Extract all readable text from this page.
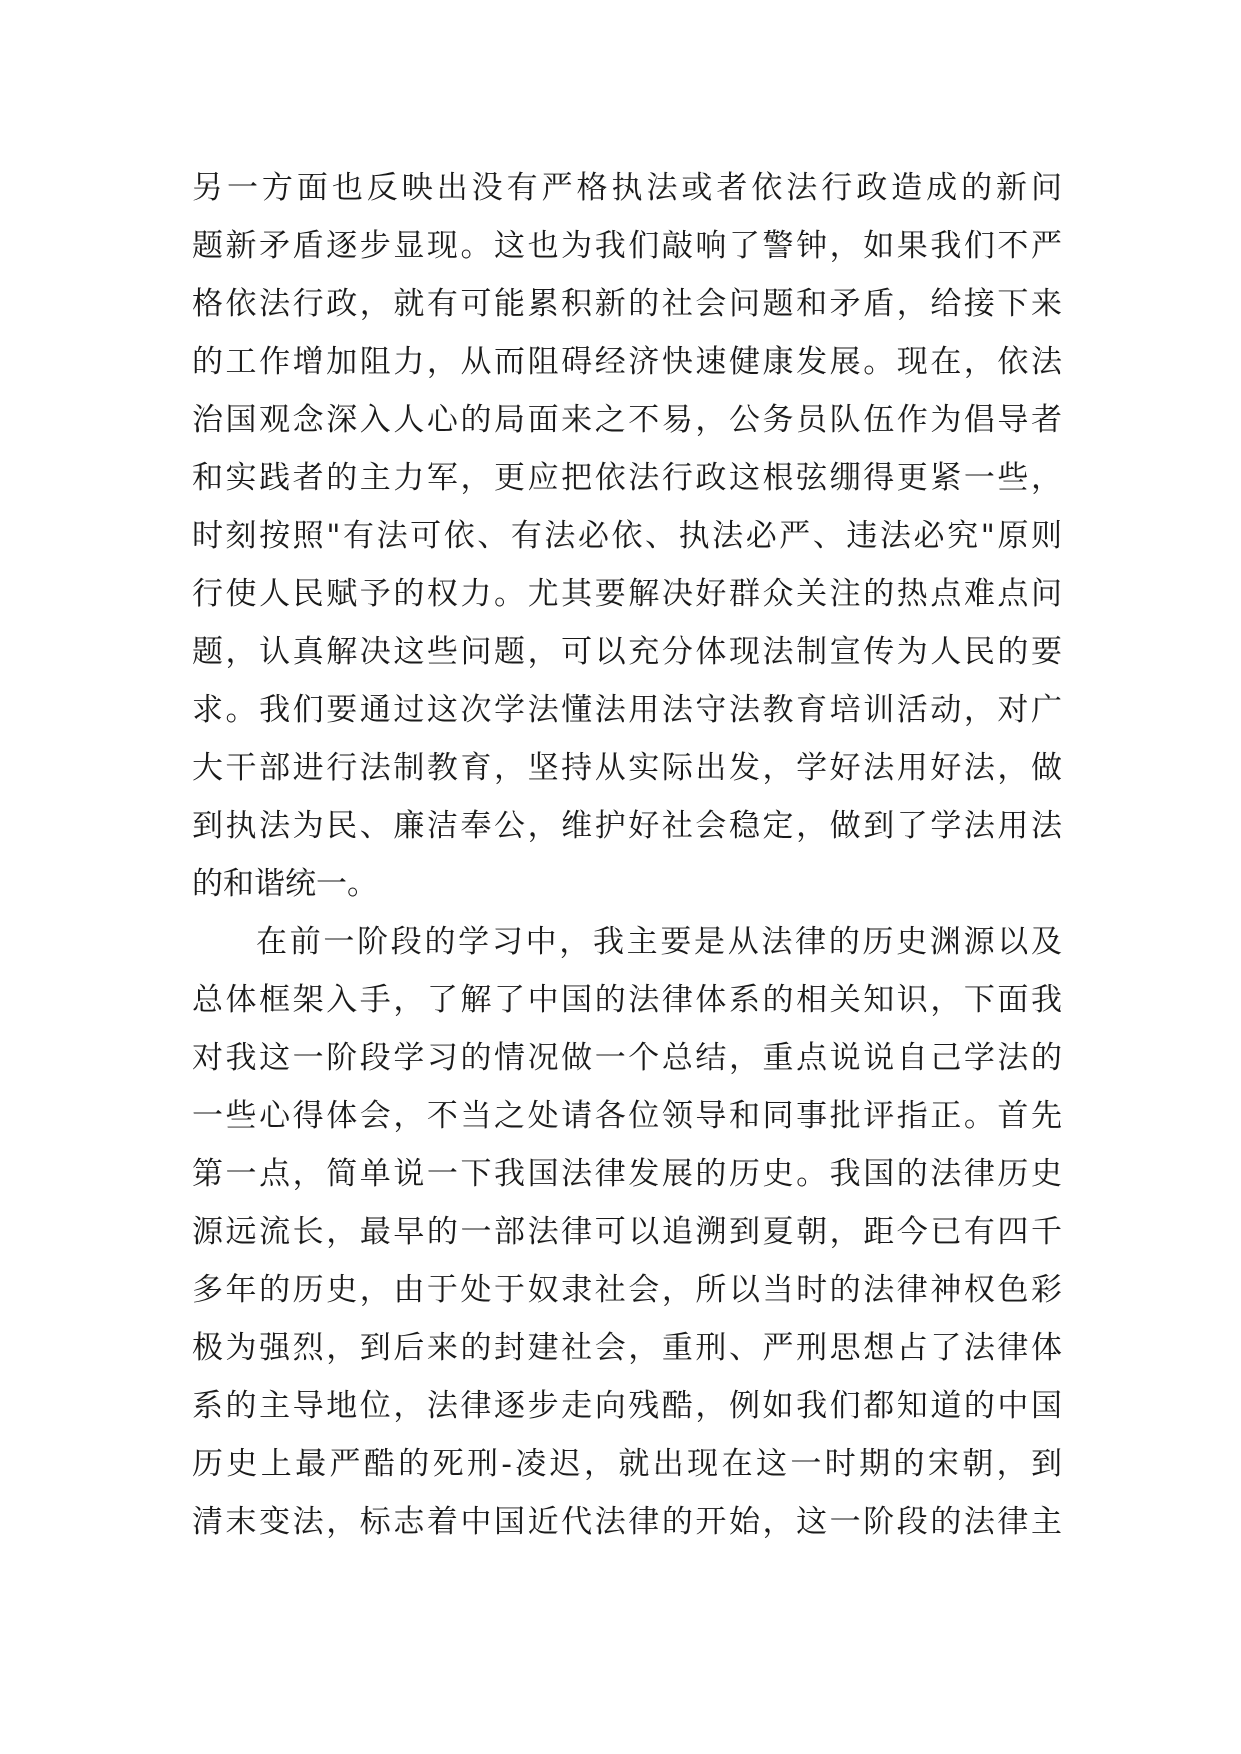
另一方面也反映出没有严格执法或者依法行政造成的新问
题新矛盾逐步显现。这也为我们敲响了警钟，如果我们不严
格依法行政，就有可能累积新的社会问题和矛盾，给接下来
的工作增加阻力，从而阻碍经济快速健康发展。现在，依法
治国观念深入人心的局面来之不易，公务员队伍作为倡导者
和实践者的主力军，更应把依法行政这根弦绷得更紧一些，
时刻按照"有法可依、有法必依、执法必严、违法必究"原则
行使人民赋予的权力。尤其要解决好群众关注的热点难点问
题，认真解决这些问题，可以充分体现法制宣传为人民的要
求。我们要通过这次学法懂法用法守法教育培训活动，对广
大干部进行法制教育，坚持从实际出发，学好法用好法，做
到执法为民、廉洁奉公，维护好社会稳定，做到了学法用法
的和谐统一。
在前一阶段的学习中，我主要是从法律的历史渊源以及
总体框架入手，了解了中国的法律体系的相关知识，下面我
对我这一阶段学习的情况做一个总结，重点说说自己学法的
一些心得体会，不当之处请各位领导和同事批评指正。首先
第一点，简单说一下我国法律发展的历史。我国的法律历史
源远流长，最早的一部法律可以追溯到夏朝，距今已有四千
多年的历史，由于处于奴隶社会，所以当时的法律神权色彩
极为强烈，到后来的封建社会，重刑、严刑思想占了法律体
系的主导地位，法律逐步走向残酷，例如我们都知道的中国
历史上最严酷的死刑-凌迟，就出现在这一时期的宋朝，到
清末变法，标志着中国近代法律的开始，这一阶段的法律主
